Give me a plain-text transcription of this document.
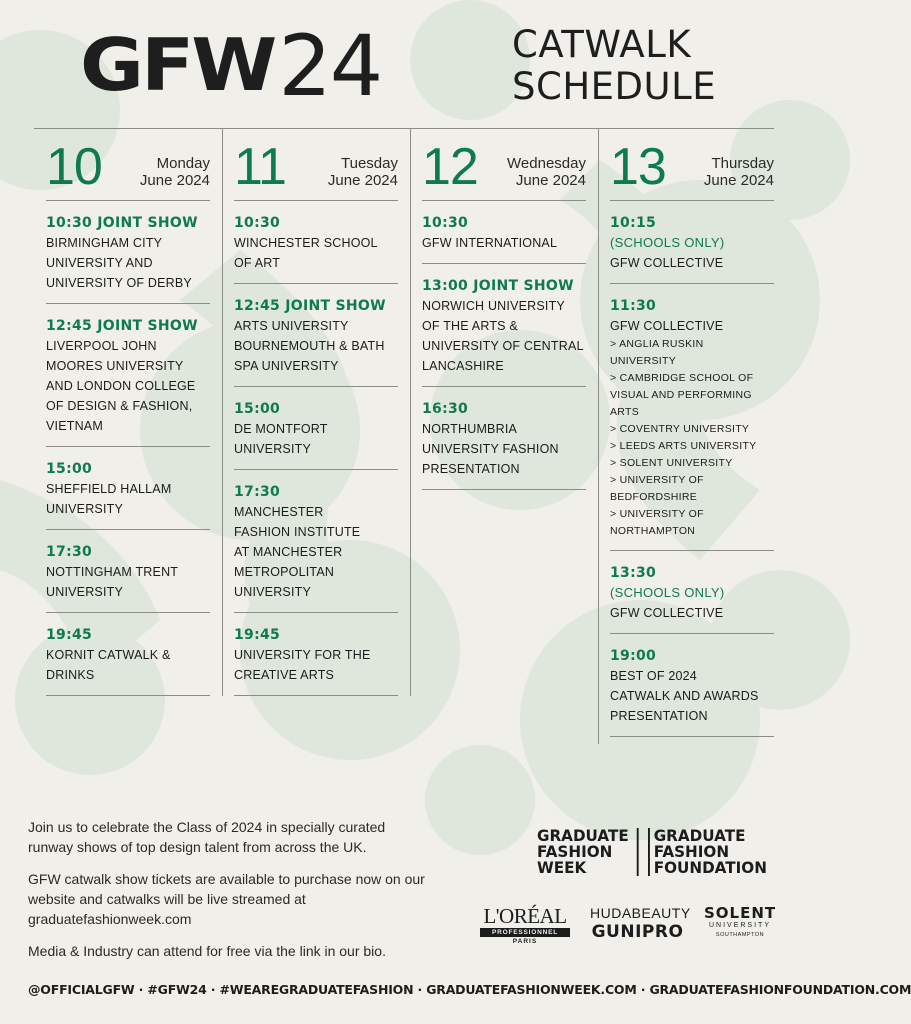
GFW 24	CATWALK
SCHEDULE
10	Monday
June 2024
10:30 JOINT SHOW
BIRMINGHAM CITY
UNIVERSITY AND
UNIVERSITY OF DERBY
12:45 JOINT SHOW
LIVERPOOL JOHN
MOORES UNIVERSITY
AND LONDON COLLEGE
OF DESIGN & FASHION,
VIETNAM
15:00
SHEFFIELD HALLAM
UNIVERSITY
17:30
NOTTINGHAM TRENT
UNIVERSITY
19:45
KORNIT CATWALK &
DRINKS
11	Tuesday
June 2024
10:30
WINCHESTER SCHOOL
OF ART
12:45 JOINT SHOW
ARTS UNIVERSITY
BOURNEMOUTH & BATH
SPA UNIVERSITY
15:00
DE MONTFORT
UNIVERSITY
17:30
MANCHESTER
FASHION INSTITUTE
AT MANCHESTER
METROPOLITAN
UNIVERSITY
19:45
UNIVERSITY FOR THE
CREATIVE ARTS
12 Wednesday
June 2024
10:30
GFW INTERNATIONAL
13:00 JOINT SHOW
NORWICH UNIVERSITY
OF THE ARTS &
UNIVERSITY OF CENTRAL
LANCASHIRE
16:30
NORTHUMBRIA
UNIVERSITY FASHION
PRESENTATION
13	Thursday
June 2024
10:15
(SCHOOLS ONLY)
GFW COLLECTIVE
11:30
GFW COLLECTIVE
> ANGLIA RUSKIN
UNIVERSITY
> CAMBRIDGE SCHOOL OF
VISUAL AND PERFORMING
ARTS
> COVENTRY UNIVERSITY
> LEEDS ARTS UNIVERSITY
> SOLENT UNIVERSITY
> UNIVERSITY OF
BEDFORDSHIRE
> UNIVERSITY OF
NORTHAMPTON
13:30
(SCHOOLS ONLY)
GFW COLLECTIVE
19:00
BEST OF 2024
CATWALK AND AWARDS
PRESENTATION

Join us to celebrate the Class of 2024 in specially curated runway shows of top design talent from across the UK.

GFW catwalk show tickets are available to purchase now on our website and catwalks will be live streamed at graduatefashionweek.com

Media & Industry can attend for free via the link in our bio.

GRADUATE
FASHION
WEEK
GRADUATE
FASHION
FOUNDATION
L'ORÉAL
PROFESSIONNEL
PARIS
HUDABEAUTY
GUNIPRO
SOLENT
UNIVERSITY
SOUTHAMPTON
@OFFICIALGFW · #GFW24 · #WEAREGRADUATEFASHION · GRADUATEFASHIONWEEK.COM · GRADUATEFASHIONFOUNDATION.COM
